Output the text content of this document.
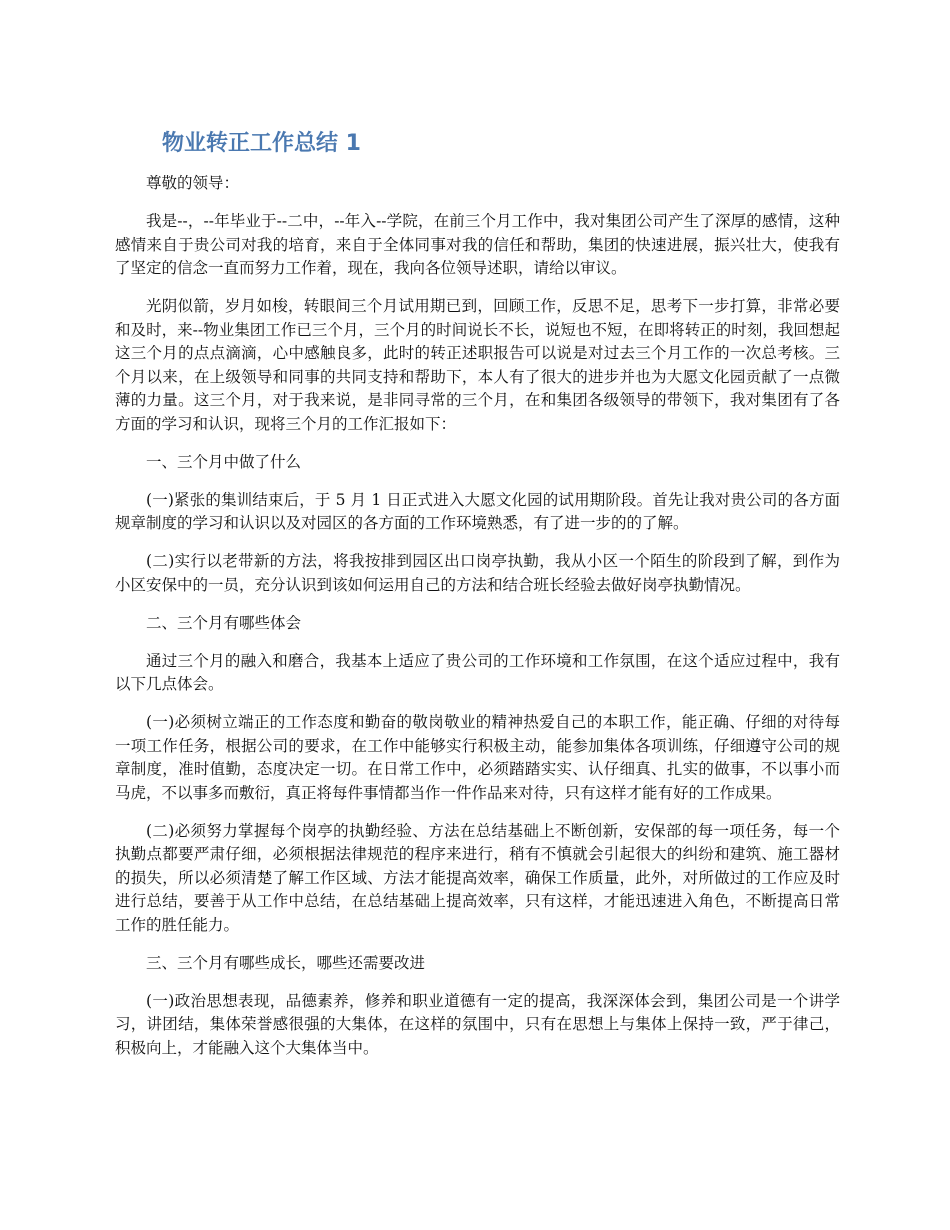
物业转正工作总结 1

尊敬的领导：

我是--，--年毕业于--二中，--年入--学院，在前三个月工作中，我对集团公司产生了深厚的感情，这种感情来自于贵公司对我的培育，来自于全体同事对我的信任和帮助，集团的快速进展，振兴壮大，使我有了坚定的信念一直而努力工作着，现在，我向各位领导述职，请给以审议。

光阴似箭，岁月如梭，转眼间三个月试用期已到，回顾工作，反思不足，思考下一步打算，非常必要和及时，来--物业集团工作已三个月，三个月的时间说长不长，说短也不短，在即将转正的时刻，我回想起这三个月的点点滴滴，心中感触良多，此时的转正述职报告可以说是对过去三个月工作的一次总考核。三个月以来，在上级领导和同事的共同支持和帮助下，本人有了很大的进步并也为大愿文化园贡献了一点微薄的力量。这三个月，对于我来说，是非同寻常的三个月，在和集团各级领导的带领下，我对集团有了各方面的学习和认识，现将三个月的工作汇报如下：

一、三个月中做了什么

(一)紧张的集训结束后，于 5 月 1 日正式进入大愿文化园的试用期阶段。首先让我对贵公司的各方面规章制度的学习和认识以及对园区的各方面的工作环境熟悉，有了进一步的的了解。

(二)实行以老带新的方法，将我按排到园区出口岗亭执勤，我从小区一个陌生的阶段到了解，到作为小区安保中的一员，充分认识到该如何运用自己的方法和结合班长经验去做好岗亭执勤情况。

二、三个月有哪些体会

通过三个月的融入和磨合，我基本上适应了贵公司的工作环境和工作氛围，在这个适应过程中，我有以下几点体会。

(一)必须树立端正的工作态度和勤奋的敬岗敬业的精神热爱自己的本职工作，能正确、仔细的对待每一项工作任务，根据公司的要求，在工作中能够实行积极主动，能参加集体各项训练，仔细遵守公司的规章制度，准时值勤，态度决定一切。在日常工作中，必须踏踏实实、认仔细真、扎实的做事，不以事小而马虎，不以事多而敷衍，真正将每件事情都当作一件作品来对待，只有这样才能有好的工作成果。

(二)必须努力掌握每个岗亭的执勤经验、方法在总结基础上不断创新，安保部的每一项任务，每一个执勤点都要严肃仔细，必须根据法律规范的程序来进行，稍有不慎就会引起很大的纠纷和建筑、施工器材的损失，所以必须清楚了解工作区域、方法才能提高效率，确保工作质量，此外，对所做过的工作应及时进行总结，要善于从工作中总结，在总结基础上提高效率，只有这样，才能迅速进入角色，不断提高日常工作的胜任能力。

三、三个月有哪些成长，哪些还需要改进

(一)政治思想表现，品德素养，修养和职业道德有一定的提高，我深深体会到，集团公司是一个讲学习，讲团结，集体荣誉感很强的大集体，在这样的氛围中，只有在思想上与集体上保持一致，严于律己，积极向上，才能融入这个大集体当中。
